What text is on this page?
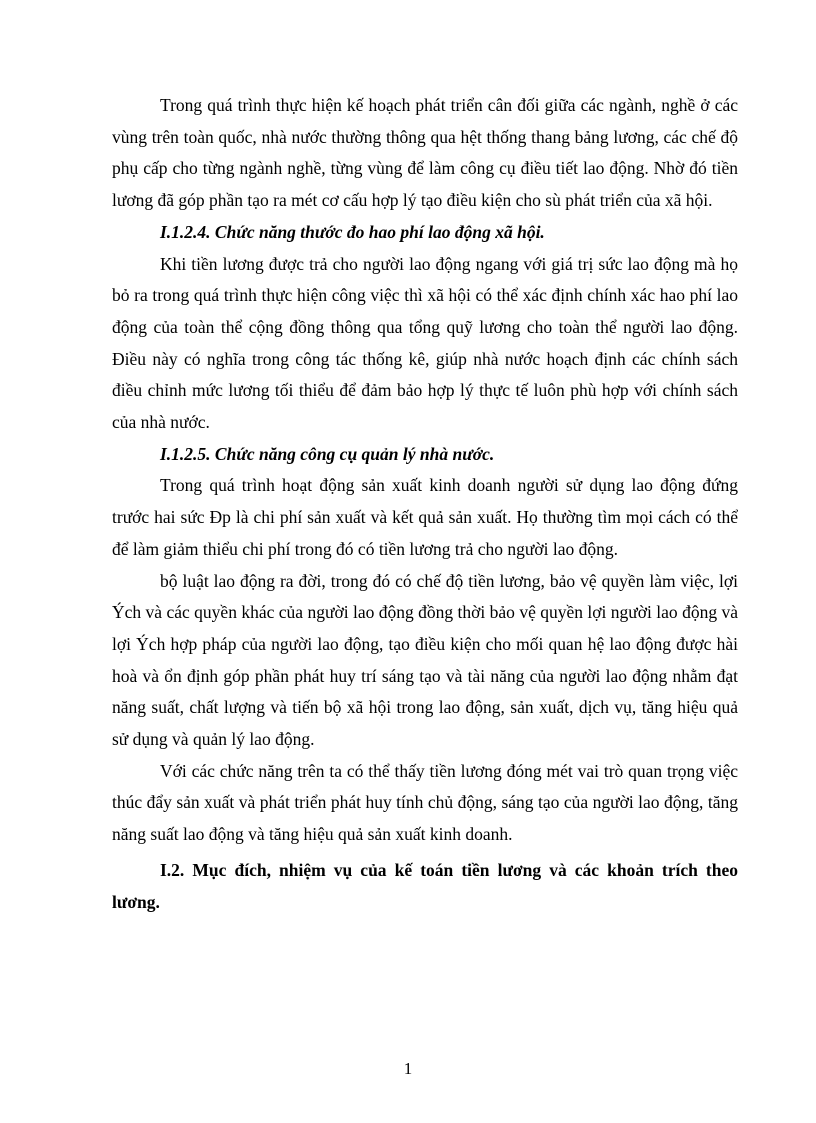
Trong quá trình thực hiện kế hoạch phát triển cân đối giữa các ngành, nghề ở các vùng trên toàn quốc, nhà nước thường thông qua hệt thống thang bảng lương, các chế độ phụ cấp cho từng ngành nghề, từng vùng để làm công cụ điều tiết lao động. Nhờ đó tiền lương đã góp phần tạo ra mét cơ cấu hợp lý tạo điều kiện cho sù phát triển của xã hội.

I.1.2.4. Chức năng thước đo hao phí lao động xã hội.

Khi tiền lương được trả cho người lao động ngang với giá trị sức lao động mà họ bỏ ra trong quá trình thực hiện công việc thì xã hội có thể xác định chính xác hao phí lao động của toàn thể cộng đồng thông qua tổng quỹ lương cho toàn thể người lao động. Điều này có nghĩa trong công tác thống kê, giúp nhà nước hoạch định các chính sách điều chỉnh mức lương tối thiểu để đảm bảo hợp lý thực tế luôn phù hợp với chính sách của nhà nước.

I.1.2.5. Chức năng công cụ quản lý nhà nước.

Trong quá trình hoạt động sản xuất kinh doanh người sử dụng lao động đứng trước hai sức Đp là chi phí sản xuất và kết quả sản xuất. Họ thường tìm mọi cách có thể để làm giảm thiểu chi phí trong đó có tiền lương trả cho người lao động.

bộ luật lao động ra đời, trong đó có chế độ tiền lương, bảo vệ quyền làm việc, lợi Ých và các quyền khác của người lao động đồng thời bảo vệ quyền lợi người lao động và lợi Ých hợp pháp của người lao động, tạo điều kiện cho mối quan hệ lao động được hài hoà và ổn định góp phần phát huy trí sáng tạo và tài năng của người lao động nhằm đạt năng suất, chất lượng và tiến bộ xã hội trong lao động, sản xuất, dịch vụ, tăng hiệu quả sử dụng và quản lý lao động.

Với các chức năng trên ta có thể thấy tiền lương đóng mét vai trò quan trọng việc thúc đẩy sản xuất và phát triển phát huy tính chủ động, sáng tạo của người lao động, tăng năng suất lao động và tăng hiệu quả sản xuất kinh doanh.

I.2. Mục đích, nhiệm vụ của kế toán tiền lương và các khoản trích theo lương.

1
